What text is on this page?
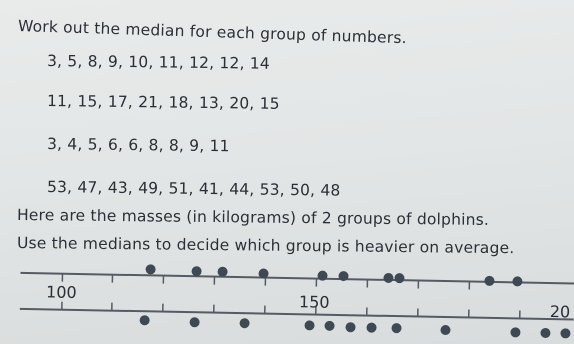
Work out the median for each group of numbers.
3, 5, 8, 9, 10, 11, 12, 12, 14
11, 15, 17, 21, 18, 13, 20, 15
3, 4, 5, 6, 6, 8, 8, 9, 11
53, 47, 43, 49, 51, 41, 44, 53, 50, 48
Here are the masses (in kilograms) of 2 groups of dolphins.
Use the medians to decide which group is heavier on average.
100
150	20
